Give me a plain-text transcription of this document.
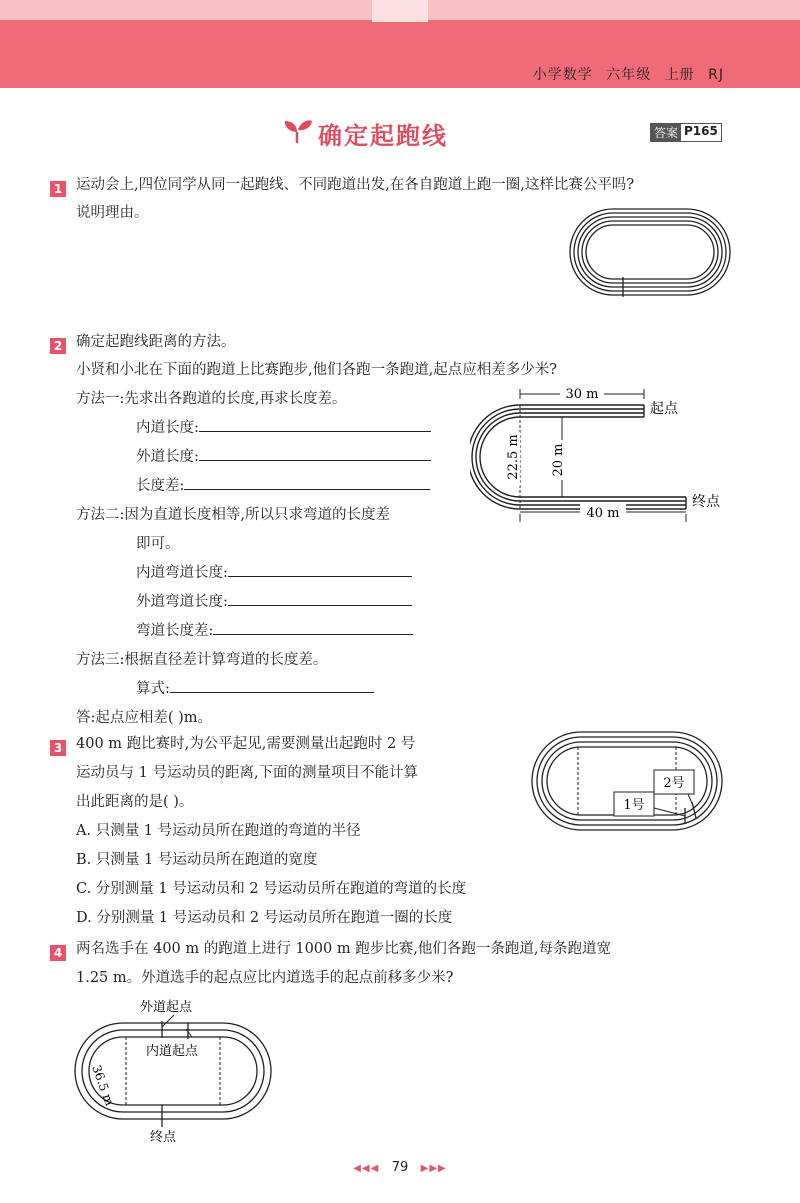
小学数学 六年级 上册 RJ
确定起跑线	答案 P165
1 运动会上,四位同学从同一起跑线、不同跑道出发,在各自跑道上跑一圈,这样比赛公平吗?
说明理由。
2 确定起跑线距离的方法。
小贤和小北在下面的跑道上比赛跑步,他们各跑一条跑道,起点应相差多少米?
方法一:先求出各跑道的长度,再求长度差。
内道长度:
外道长度:
长度差:
方法二:因为直道长度相等,所以只求弯道的长度差
即可。
内道弯道长度:
外道弯道长度:
弯道长度差:
方法三:根据直径差计算弯道的长度差。
算式:
答:起点应相差( )m。
30 m
40 m
22.5 m 20 m
起点
终点
3 400 m 跑比赛时,为公平起见,需要测量出起跑时 2 号
运动员与 1 号运动员的距离,下面的测量项目不能计算
出此距离的是( )。
A. 只测量 1 号运动员所在跑道的弯道的半径
B. 只测量 1 号运动员所在跑道的宽度
C. 分别测量 1 号运动员和 2 号运动员所在跑道的弯道的长度
D. 分别测量 1 号运动员和 2 号运动员所在跑道一圈的长度
1号
2号
4 两名选手在 400 m 的跑道上进行 1000 m 跑步比赛,他们各跑一条跑道,每条跑道宽
1.25 m。外道选手的起点应比内道选手的起点前移多少米?
外道起点
内道起点
36.5 m
终点
◀◀◀ 79 ▶▶▶
